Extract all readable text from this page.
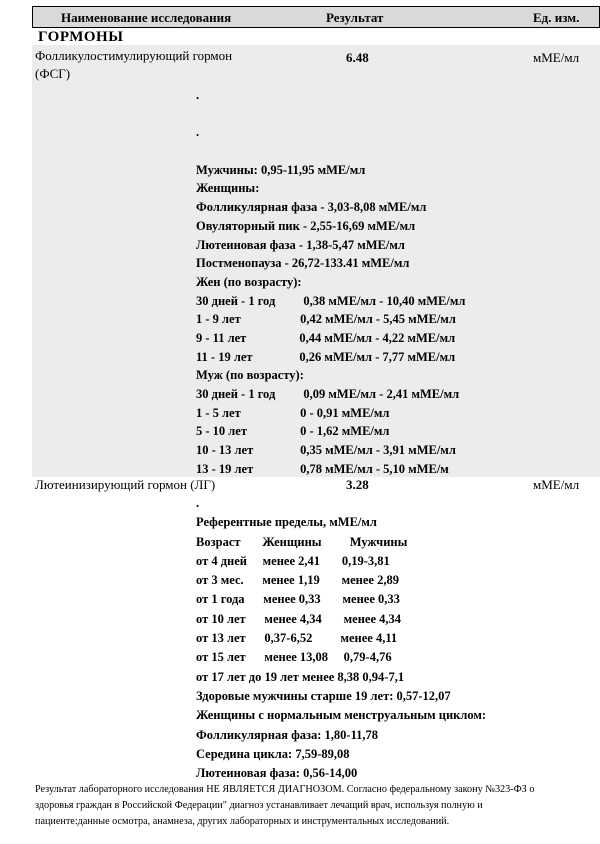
Наименование исследования	Результат	Ед. изм.
ГОРМОНЫ
Фолликулостимулирующий гормон
(ФСГ)
6.48	мМЕ/мл
.
.
Мужчины: 0,95-11,95 мМЕ/мл
Женщины:
Фолликулярная фаза - 3,03-8,08 мМЕ/мл
Овуляторный пик - 2,55-16,69 мМЕ/мл
Лютеиновая фаза - 1,38-5,47 мМЕ/мл
Постменопауза - 26,72-133.41 мМЕ/мл
Жен (по возрасту):
30 дней - 1 год         0,38 мМЕ/мл - 10,40 мМЕ/мл
1 - 9 лет                   0,42 мМЕ/мл - 5,45 мМЕ/мл
9 - 11 лет                 0,44 мМЕ/мл - 4,22 мМЕ/мл
11 - 19 лет               0,26 мМЕ/мл - 7,77 мМЕ/мл
Муж (по возрасту):
30 дней - 1 год         0,09 мМЕ/мл - 2,41 мМЕ/мл
1 - 5 лет                   0 - 0,91 мМЕ/мл
5 - 10 лет                 0 - 1,62 мМЕ/мл
10 - 13 лет               0,35 мМЕ/мл - 3,91 мМЕ/мл
13 - 19 лет               0,78 мМЕ/мл - 5,10 мМЕ/м
Лютеинизирующий гормон (ЛГ)	3.28	мМЕ/мл
.
Референтные пределы, мМЕ/мл
Возраст       Женщины         Мужчины
от 4 дней     менее 2,41       0,19-3,81
от 3 мес.      менее 1,19       менее 2,89
от 1 года      менее 0,33       менее 0,33
от 10 лет      менее 4,34       менее 4,34
от 13 лет      0,37-6,52         менее 4,11
от 15 лет      менее 13,08     0,79-4,76
от 17 лет до 19 лет менее 8,38 0,94-7,1
Здоровые мужчины старше 19 лет: 0,57-12,07
Женщины с нормальным менструальным циклом:
Фолликулярная фаза: 1,80-11,78
Середина цикла: 7,59-89,08
Лютеиновая фаза: 0,56-14,00
Результат лабораторного исследования НЕ ЯВЛЯЕТСЯ ДИАГНОЗОМ. Согласно федеральному закону №323-ФЗ о
здоровья граждан в Российской Федерации" диагноз устанавливает лечащий врач, используя полную и
пациенте:данные осмотра, анамнеза, других лабораторных и инструментальных исследований.
